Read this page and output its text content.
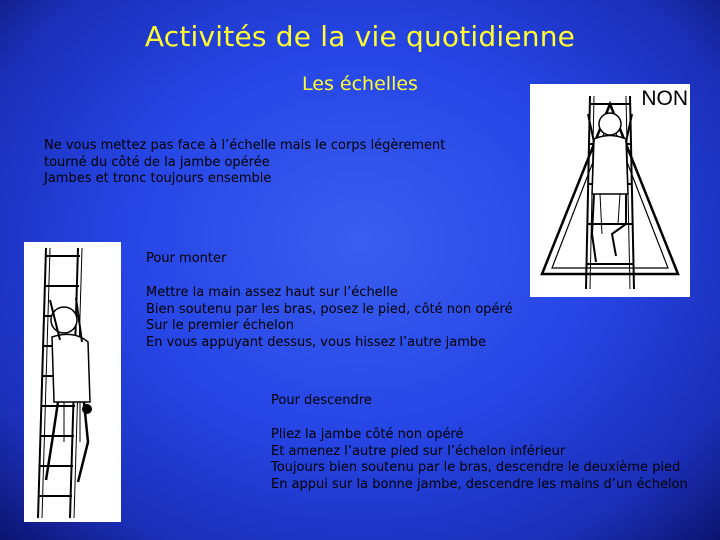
Activités de la vie quotidienne
Les échelles
NON
Ne vous mettez pas face à l’échelle mais le corps légèrement
tourné du côté de la jambe opérée
Jambes et tronc toujours ensemble
Pour monter
Mettre la main assez haut sur l’échelle
Bien soutenu par les bras, posez le pied, côté non opéré
Sur le premier échelon
En vous appuyant dessus, vous hissez l’autre jambe
Pour descendre
Pliez la jambe côté non opéré
Et amenez l’autre pied sur l’échelon inférieur
Toujours bien soutenu par le bras, descendre le deuxième pied
En appui sur la bonne jambe, descendre les mains d’un échelon
